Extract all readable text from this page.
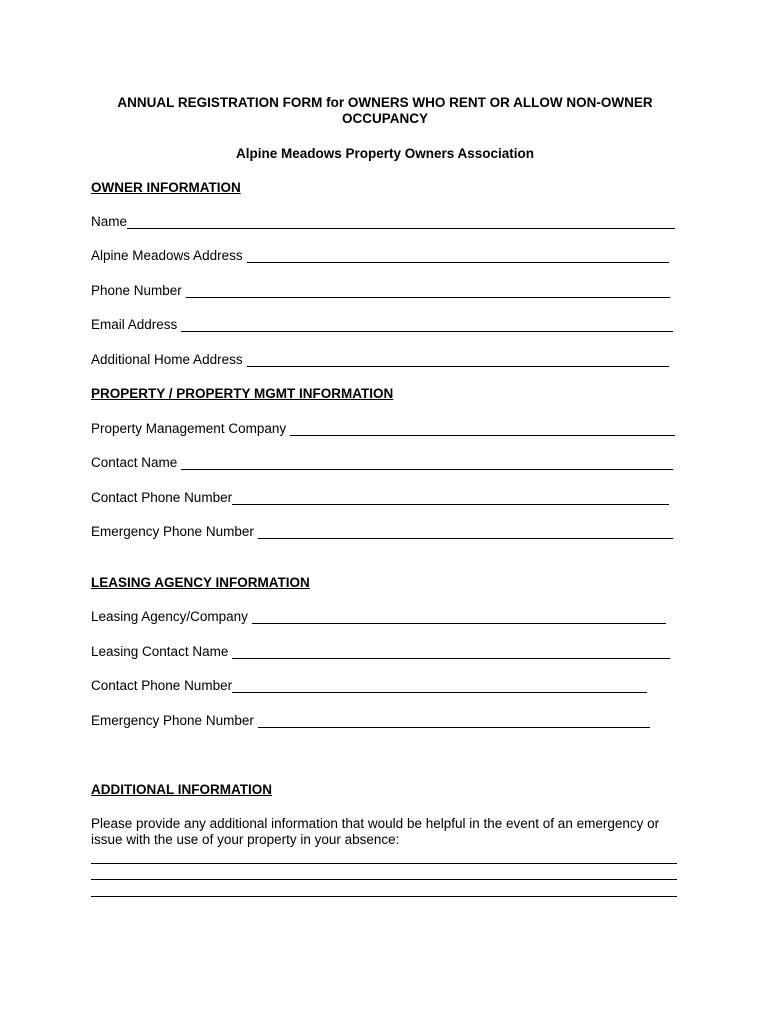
ANNUAL REGISTRATION FORM for OWNERS WHO RENT OR ALLOW NON-OWNER
OCCUPANCY
Alpine Meadows Property Owners Association
OWNER INFORMATION
Name
Alpine Meadows Address
Phone Number
Email Address
Additional Home Address
PROPERTY / PROPERTY MGMT INFORMATION
Property Management Company
Contact Name
Contact Phone Number
Emergency Phone Number
LEASING AGENCY INFORMATION
Leasing Agency/Company
Leasing Contact Name
Contact Phone Number
Emergency Phone Number
ADDITIONAL INFORMATION
Please provide any additional information that would be helpful in the event of an emergency or
issue with the use of your property in your absence:
